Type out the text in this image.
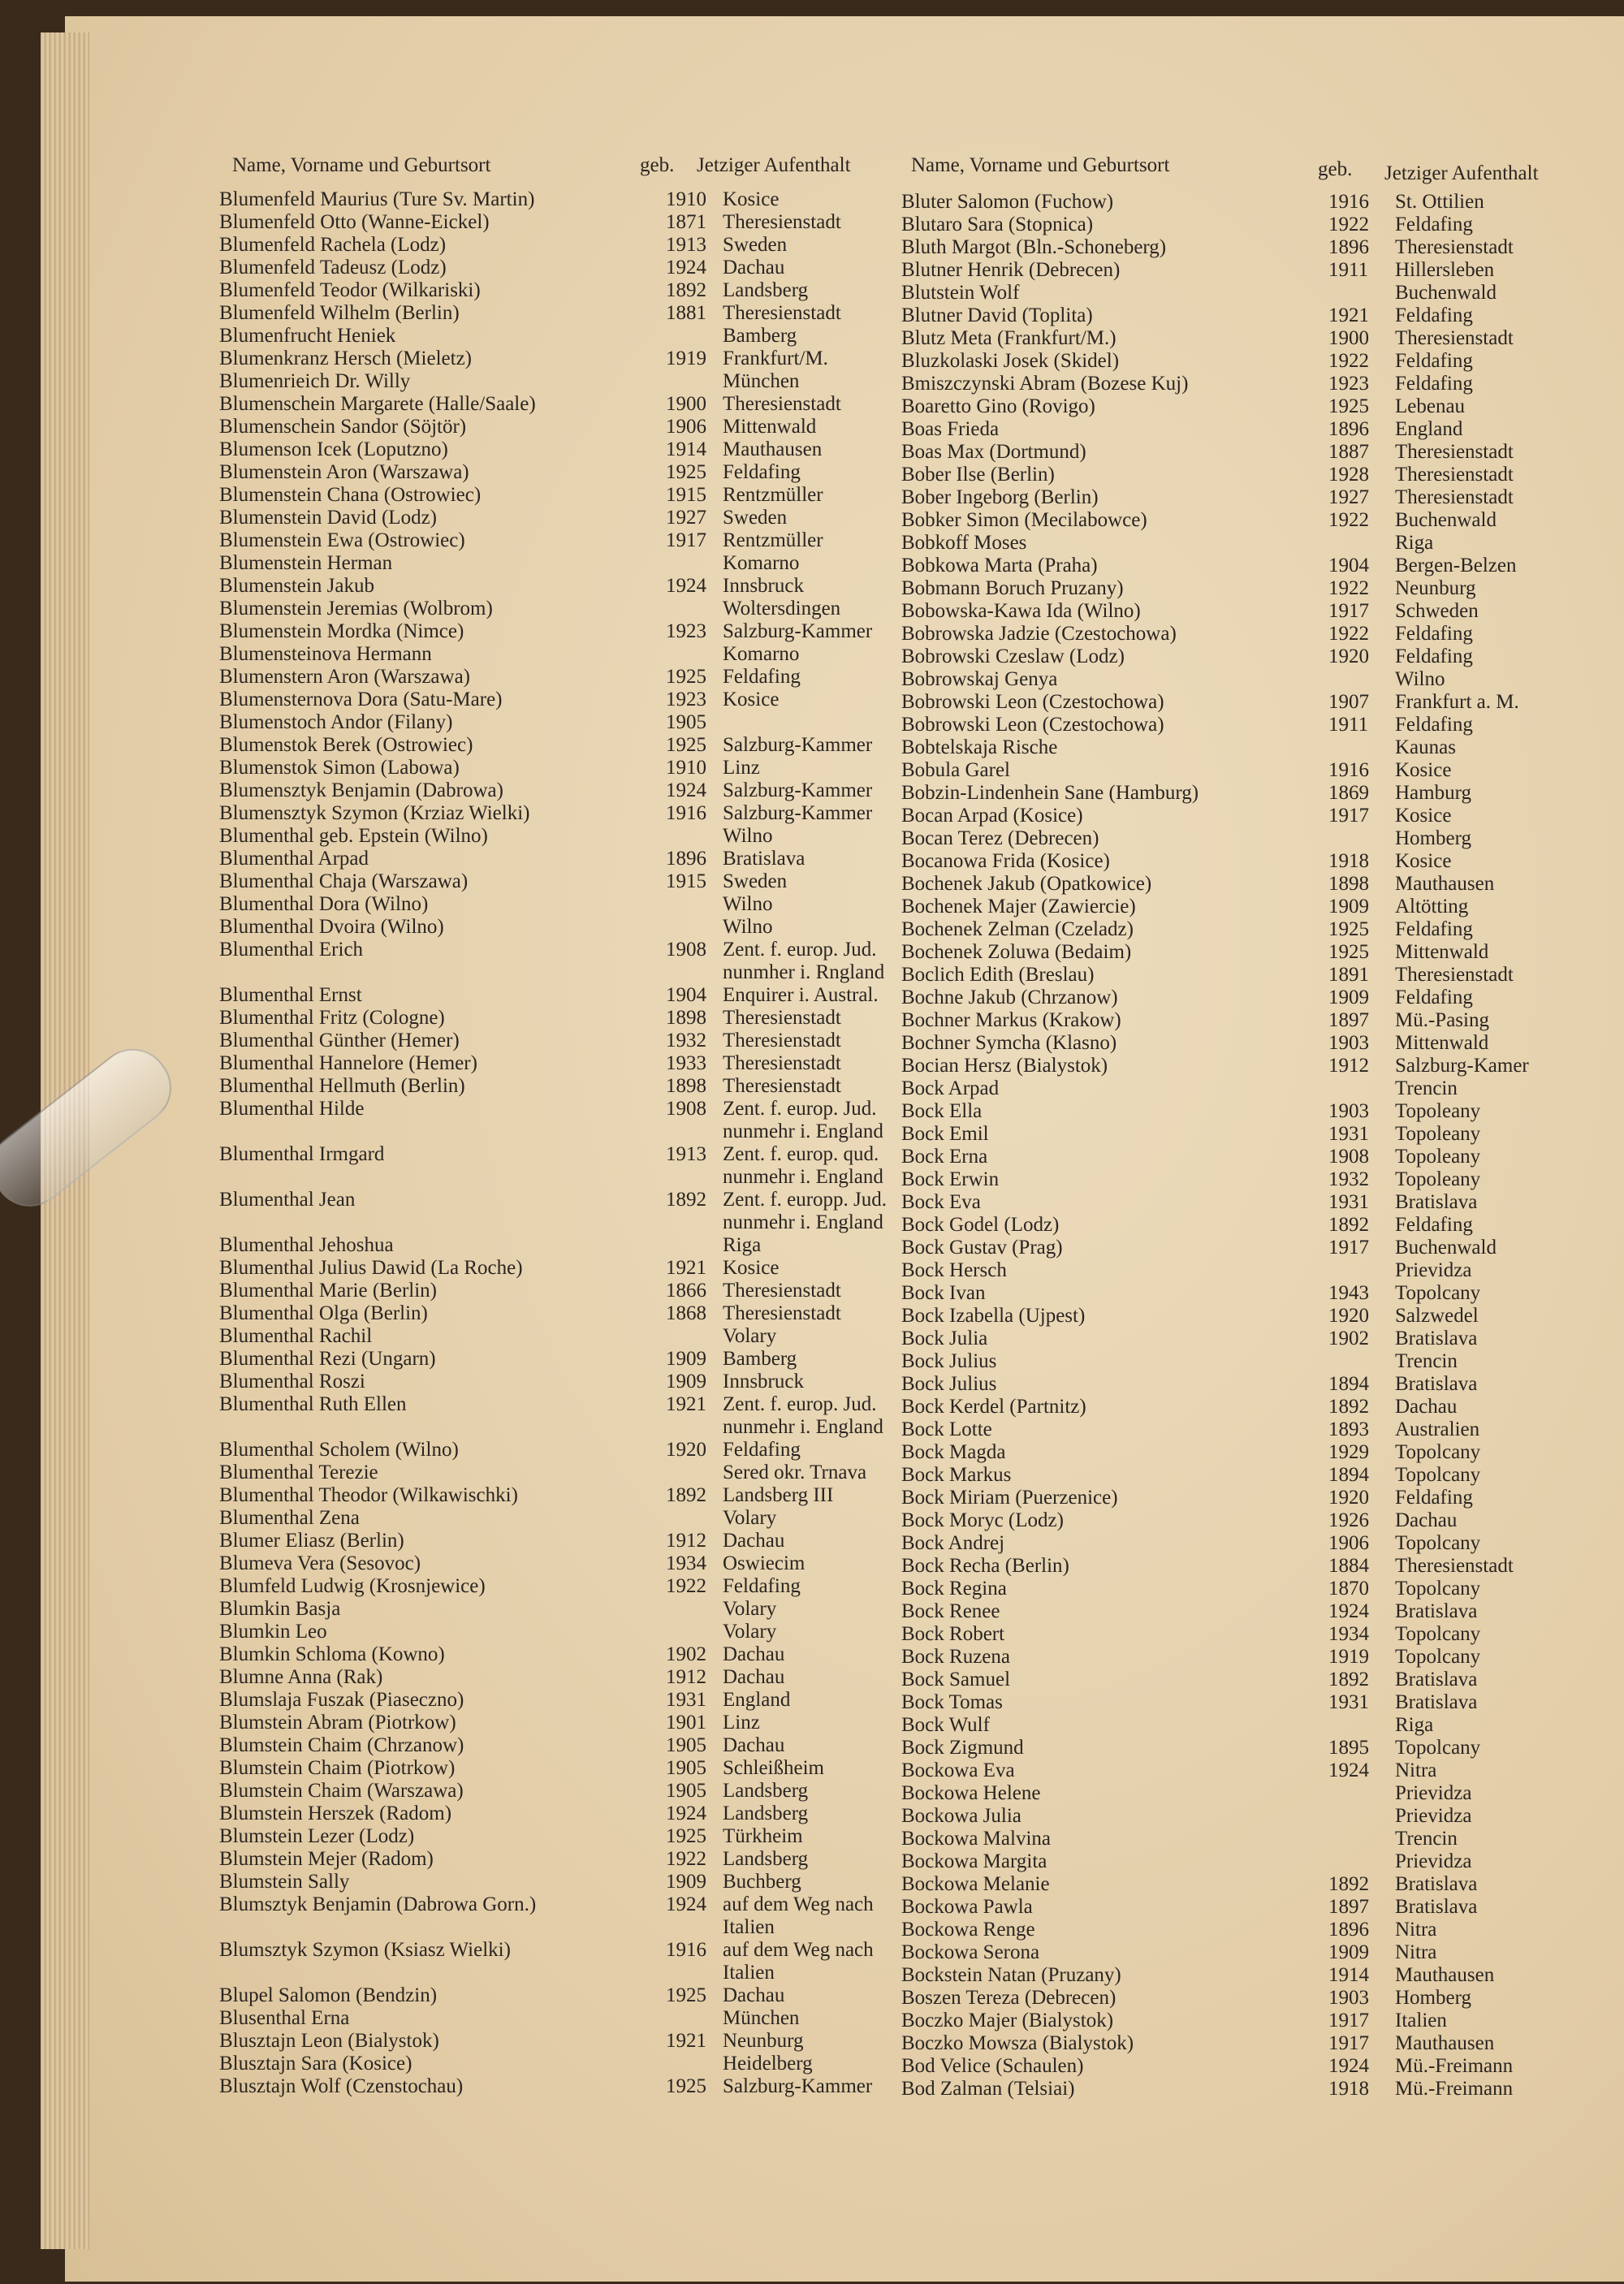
Name, Vorname und Geburtsort	geb. Jetziger Aufenthalt	Name, Vorname und Geburtsort	geb. Jetziger Aufenthalt
Blumenfeld Maurius (Ture Sv. Martin)	1910 Kosice
Blumenfeld Otto (Wanne-Eickel)	1871 Theresienstadt
Blumenfeld Rachela (Lodz)	1913 Sweden
Blumenfeld Tadeusz (Lodz)	1924 Dachau
Blumenfeld Teodor (Wilkariski)	1892 Landsberg
Blumenfeld Wilhelm (Berlin)	1881 Theresienstadt
Blumenfrucht Heniek	Bamberg
Blumenkranz Hersch (Mieletz)	1919 Frankfurt/M.
Blumenrieich Dr. Willy	München
Blumenschein Margarete (Halle/Saale)	1900 Theresienstadt
Blumenschein Sandor (Söjtör)	1906 Mittenwald
Blumenson Icek (Loputzno)	1914 Mauthausen
Blumenstein Aron (Warszawa)	1925 Feldafing
Blumenstein Chana (Ostrowiec)	1915 Rentzmüller
Blumenstein David (Lodz)	1927 Sweden
Blumenstein Ewa (Ostrowiec)	1917 Rentzmüller
Blumenstein Herman	Komarno
Blumenstein Jakub	1924 Innsbruck
Blumenstein Jeremias (Wolbrom)	Woltersdingen
Blumenstein Mordka (Nimce)	1923 Salzburg-Kammer
Blumensteinova Hermann	Komarno
Blumenstern Aron (Warszawa)	1925 Feldafing
Blumensternova Dora (Satu-Mare)	1923 Kosice
Blumenstoch Andor (Filany)	1905
Blumenstok Berek (Ostrowiec)	1925 Salzburg-Kammer
Blumenstok Simon (Labowa)	1910 Linz
Blumensztyk Benjamin (Dabrowa)	1924 Salzburg-Kammer
Blumensztyk Szymon (Krziaz Wielki)	1916 Salzburg-Kammer
Blumenthal geb. Epstein (Wilno)	Wilno
Blumenthal Arpad	1896 Bratislava
Blumenthal Chaja (Warszawa)	1915 Sweden
Blumenthal Dora (Wilno)	Wilno
Blumenthal Dvoira (Wilno)	Wilno
Blumenthal Erich	1908 Zent. f. europ. Jud.
nunmher i. Rngland
Blumenthal Ernst	1904 Enquirer i. Austral.
Blumenthal Fritz (Cologne)	1898 Theresienstadt
Blumenthal Günther (Hemer)	1932 Theresienstadt
Blumenthal Hannelore (Hemer)	1933 Theresienstadt
Blumenthal Hellmuth (Berlin)	1898 Theresienstadt
Blumenthal Hilde	1908 Zent. f. europ. Jud.
nunmehr i. England
Blumenthal Irmgard	1913 Zent. f. europ. qud.
nunmehr i. England
Blumenthal Jean	1892 Zent. f. europp. Jud.
nunmehr i. England
Blumenthal Jehoshua	Riga
Blumenthal Julius Dawid (La Roche)	1921 Kosice
Blumenthal Marie (Berlin)	1866 Theresienstadt
Blumenthal Olga (Berlin)	1868 Theresienstadt
Blumenthal Rachil	Volary
Blumenthal Rezi (Ungarn)	1909 Bamberg
Blumenthal Roszi	1909 Innsbruck
Blumenthal Ruth Ellen	1921 Zent. f. europ. Jud.
nunmehr i. England
Blumenthal Scholem (Wilno)	1920 Feldafing
Blumenthal Terezie	Sered okr. Trnava
Blumenthal Theodor (Wilkawischki)	1892 Landsberg III
Blumenthal Zena	Volary
Blumer Eliasz (Berlin)	1912 Dachau
Blumeva Vera (Sesovoc)	1934 Oswiecim
Blumfeld Ludwig (Krosnjewice)	1922 Feldafing
Blumkin Basja	Volary
Blumkin Leo	Volary
Blumkin Schloma (Kowno)	1902 Dachau
Blumne Anna (Rak)	1912 Dachau
Blumslaja Fuszak (Piaseczno)	1931 England
Blumstein Abram (Piotrkow)	1901 Linz
Blumstein Chaim (Chrzanow)	1905 Dachau
Blumstein Chaim (Piotrkow)	1905 Schleißheim
Blumstein Chaim (Warszawa)	1905 Landsberg
Blumstein Herszek (Radom)	1924 Landsberg
Blumstein Lezer (Lodz)	1925 Türkheim
Blumstein Mejer (Radom)	1922 Landsberg
Blumstein Sally	1909 Buchberg
Blumsztyk Benjamin (Dabrowa Gorn.)	1924 auf dem Weg nach
Italien
Blumsztyk Szymon (Ksiasz Wielki)	1916 auf dem Weg nach
Italien
Blupel Salomon (Bendzin)	1925 Dachau
Blusenthal Erna	München
Blusztajn Leon (Bialystok)	1921 Neunburg
Blusztajn Sara (Kosice)	Heidelberg
Blusztajn Wolf (Czenstochau)	1925 Salzburg-Kammer
Bluter Salomon (Fuchow)	1916 St. Ottilien
Blutaro Sara (Stopnica)	1922 Feldafing
Bluth Margot (Bln.-Schoneberg)	1896 Theresienstadt
Blutner Henrik (Debrecen)	1911 Hillersleben
Blutstein Wolf	Buchenwald
Blutner David (Toplita)	1921 Feldafing
Blutz Meta (Frankfurt/M.)	1900 Theresienstadt
Bluzkolaski Josek (Skidel)	1922 Feldafing
Bmiszczynski Abram (Bozese Kuj)	1923 Feldafing
Boaretto Gino (Rovigo)	1925 Lebenau
Boas Frieda	1896 England
Boas Max (Dortmund)	1887 Theresienstadt
Bober Ilse (Berlin)	1928 Theresienstadt
Bober Ingeborg (Berlin)	1927 Theresienstadt
Bobker Simon (Mecilabowce)	1922 Buchenwald
Bobkoff Moses	Riga
Bobkowa Marta (Praha)	1904 Bergen-Belzen
Bobmann Boruch Pruzany)	1922 Neunburg
Bobowska-Kawa Ida (Wilno)	1917 Schweden
Bobrowska Jadzie (Czestochowa)	1922 Feldafing
Bobrowski Czeslaw (Lodz)	1920 Feldafing
Bobrowskaj Genya	Wilno
Bobrowski Leon (Czestochowa)	1907 Frankfurt a. M.
Bobrowski Leon (Czestochowa)	1911 Feldafing
Bobtelskaja Rische	Kaunas
Bobula Garel	1916 Kosice
Bobzin-Lindenhein Sane (Hamburg)	1869 Hamburg
Bocan Arpad (Kosice)	1917 Kosice
Bocan Terez (Debrecen)	Homberg
Bocanowa Frida (Kosice)	1918 Kosice
Bochenek Jakub (Opatkowice)	1898 Mauthausen
Bochenek Majer (Zawiercie)	1909 Altötting
Bochenek Zelman (Czeladz)	1925 Feldafing
Bochenek Zoluwa (Bedaim)	1925 Mittenwald
Boclich Edith (Breslau)	1891 Theresienstadt
Bochne Jakub (Chrzanow)	1909 Feldafing
Bochner Markus (Krakow)	1897 Mü.-Pasing
Bochner Symcha (Klasno)	1903 Mittenwald
Bocian Hersz (Bialystok)	1912 Salzburg-Kamer
Bock Arpad	Trencin
Bock Ella	1903 Topoleany
Bock Emil	1931 Topoleany
Bock Erna	1908 Topoleany
Bock Erwin	1932 Topoleany
Bock Eva	1931 Bratislava
Bock Godel (Lodz)	1892 Feldafing
Bock Gustav (Prag)	1917 Buchenwald
Bock Hersch	Prievidza
Bock Ivan	1943 Topolcany
Bock Izabella (Ujpest)	1920 Salzwedel
Bock Julia	1902 Bratislava
Bock Julius	Trencin
Bock Julius	1894 Bratislava
Bock Kerdel (Partnitz)	1892 Dachau
Bock Lotte	1893 Australien
Bock Magda	1929 Topolcany
Bock Markus	1894 Topolcany
Bock Miriam (Puerzenice)	1920 Feldafing
Bock Moryc (Lodz)	1926 Dachau
Bock Andrej	1906 Topolcany
Bock Recha (Berlin)	1884 Theresienstadt
Bock Regina	1870 Topolcany
Bock Renee	1924 Bratislava
Bock Robert	1934 Topolcany
Bock Ruzena	1919 Topolcany
Bock Samuel	1892 Bratislava
Bock Tomas	1931 Bratislava
Bock Wulf	Riga
Bock Zigmund	1895 Topolcany
Bockowa Eva	1924 Nitra
Bockowa Helene	Prievidza
Bockowa Julia	Prievidza
Bockowa Malvina	Trencin
Bockowa Margita	Prievidza
Bockowa Melanie	1892 Bratislava
Bockowa Pawla	1897 Bratislava
Bockowa Renge	1896 Nitra
Bockowa Serona	1909 Nitra
Bockstein Natan (Pruzany)	1914 Mauthausen
Boszen Tereza (Debrecen)	1903 Homberg
Boczko Majer (Bialystok)	1917 Italien
Boczko Mowsza (Bialystok)	1917 Mauthausen
Bod Velice (Schaulen)	1924 Mü.-Freimann
Bod Zalman (Telsiai)	1918 Mü.-Freimann
